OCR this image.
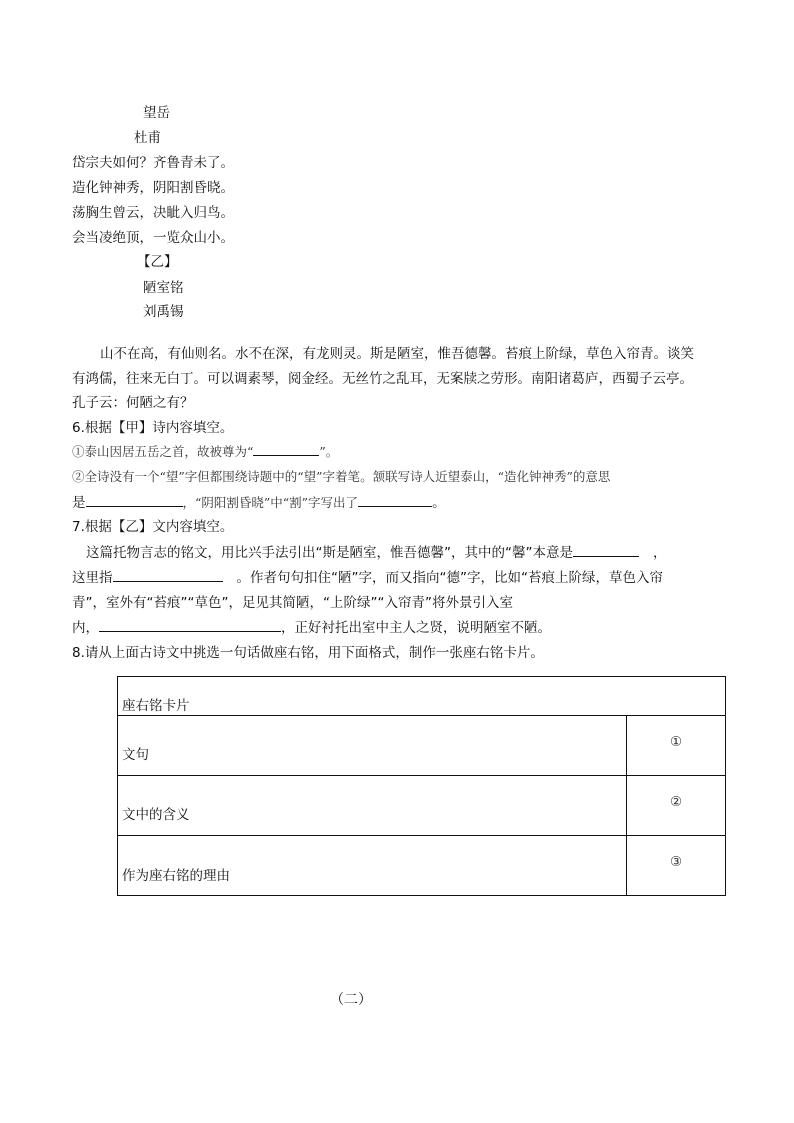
望岳
杜甫
岱宗夫如何？齐鲁青未了。
造化钟神秀，阴阳割昏晓。
荡胸生曾云，决眦入归鸟。
会当凌绝顶，一览众山小。
【乙】
陋室铭
刘禹锡
山不在高，有仙则名。水不在深，有龙则灵。斯是陋室，惟吾德馨。苔痕上阶绿，草色入帘青。谈笑
有鸿儒，往来无白丁。可以调素琴，阅金经。无丝竹之乱耳，无案牍之劳形。南阳诸葛庐，西蜀子云亭。
孔子云：何陋之有？
6.根据【甲】诗内容填空。
①泰山因居五岳之首，故被尊为“	”。
②全诗没有一个“望”字但都围绕诗题中的“望”字着笔。颔联写诗人近望泰山，“造化钟神秀”的意思
是	，“阴阳割昏晓”中“割”字写出了	。
7.根据【乙】文内容填空。
这篇托物言志的铭文，用比兴手法引出“斯是陋室，惟吾德馨”，其中的“馨”本意是	，
这里指	。作者句句扣住“陋”字，而又指向“德”字，比如“苔痕上阶绿，草色入帘
青”，室外有“苔痕”“草色”，足见其简陋，“上阶绿”“入帘青”将外景引入室
内，	，正好衬托出室中主人之贤，说明陋室不陋。
8.请从上面古诗文中挑选一句话做座右铭，用下面格式，制作一张座右铭卡片。
座右铭卡片	

文句	①

文中的含义	②

作为座右铭的理由	③
（二）
